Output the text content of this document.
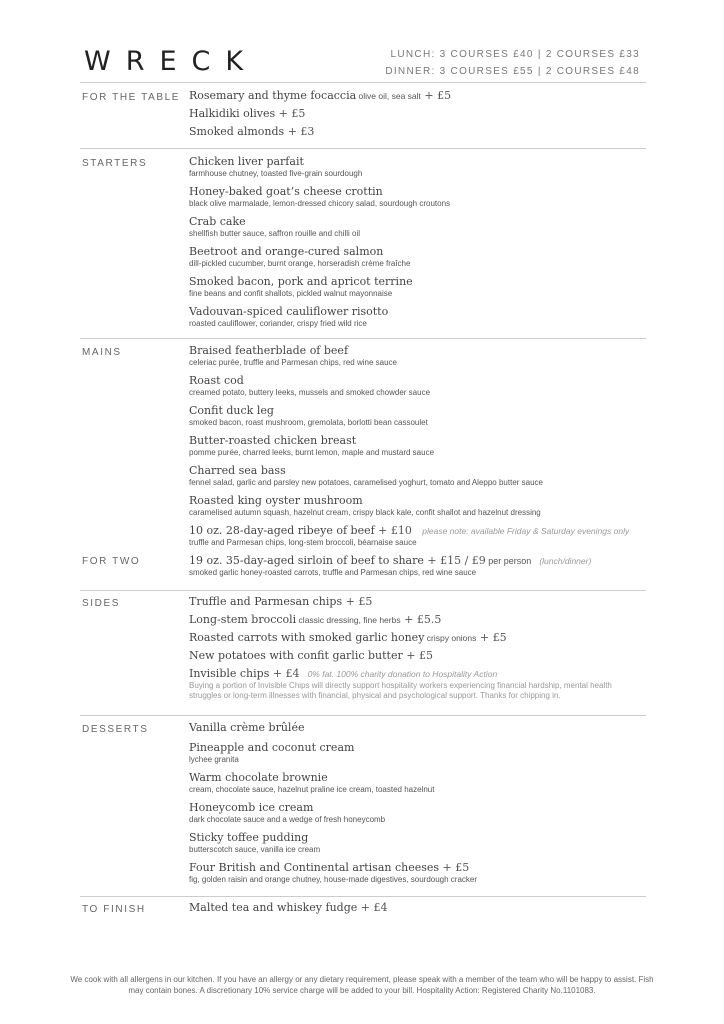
WRECK	LUNCH: 3 COURSES £40 | 2 COURSES £33
DINNER: 3 COURSES £55 | 2 COURSES £48
FOR THE TABLE Rosemary and thyme focaccia olive oil, sea salt + £5
Halkidiki olives + £5
Smoked almonds + £3
STARTERS	Chicken liver parfait
farmhouse chutney, toasted five-grain sourdough
Honey-baked goat’s cheese crottin
black olive marmalade, lemon-dressed chicory salad, sourdough croutons
Crab cake
shellfish butter sauce, saffron rouille and chilli oil
Beetroot and orange-cured salmon
dill-pickled cucumber, burnt orange, horseradish crème fraîche
Smoked bacon, pork and apricot terrine
fine beans and confit shallots, pickled walnut mayonnaise
Vadouvan-spiced cauliflower risotto
roasted cauliflower, coriander, crispy fried wild rice
MAINS
FOR TWO
Braised featherblade of beef
celeriac purée, truffle and Parmesan chips, red wine sauce
Roast cod
creamed potato, buttery leeks, mussels and smoked chowder sauce
Confit duck leg
smoked bacon, roast mushroom, gremolata, borlotti bean cassoulet
Butter-roasted chicken breast
pomme purée, charred leeks, burnt lemon, maple and mustard sauce
Charred sea bass
fennel salad, garlic and parsley new potatoes, caramelised yoghurt, tomato and Aleppo butter sauce
Roasted king oyster mushroom
caramelised autumn squash, hazelnut cream, crispy black kale, confit shallot and hazelnut dressing
10 oz. 28-day-aged ribeye of beef + £10 please note: available Friday & Saturday evenings only
truffle and Parmesan chips, long-stem broccoli, béarnaise sauce
19 oz. 35-day-aged sirloin of beef to share + £15 / £9 per person (lunch/dinner)
smoked garlic honey-roasted carrots, truffle and Parmesan chips, red wine sauce
SIDES	Truffle and Parmesan chips + £5
Long-stem broccoli classic dressing, fine herbs + £5.5
Roasted carrots with smoked garlic honey crispy onions + £5
New potatoes with confit garlic butter + £5
Invisible chips + £4 0% fat. 100% charity donation to Hospitality Action
Buying a portion of Invisible Chips will directly support hospitality workers experiencing financial hardship, mental health struggles or long-term illnesses with financial, physical and psychological support. Thanks for chipping in.
DESSERTS	Vanilla crème brûlée
Pineapple and coconut cream
lychee granita
Warm chocolate brownie
cream, chocolate sauce, hazelnut praline ice cream, toasted hazelnut
Honeycomb ice cream
dark chocolate sauce and a wedge of fresh honeycomb
Sticky toffee pudding
butterscotch sauce, vanilla ice cream
Four British and Continental artisan cheeses + £5
fig, golden raisin and orange chutney, house-made digestives, sourdough cracker
TO FINISH	Malted tea and whiskey fudge + £4
We cook with all allergens in our kitchen. If you have an allergy or any dietary requirement, please speak with a member of the team who will be happy to assist. Fish may contain bones. A discretionary 10% service charge will be added to your bill. Hospitality Action: Registered Charity No.1101083.
